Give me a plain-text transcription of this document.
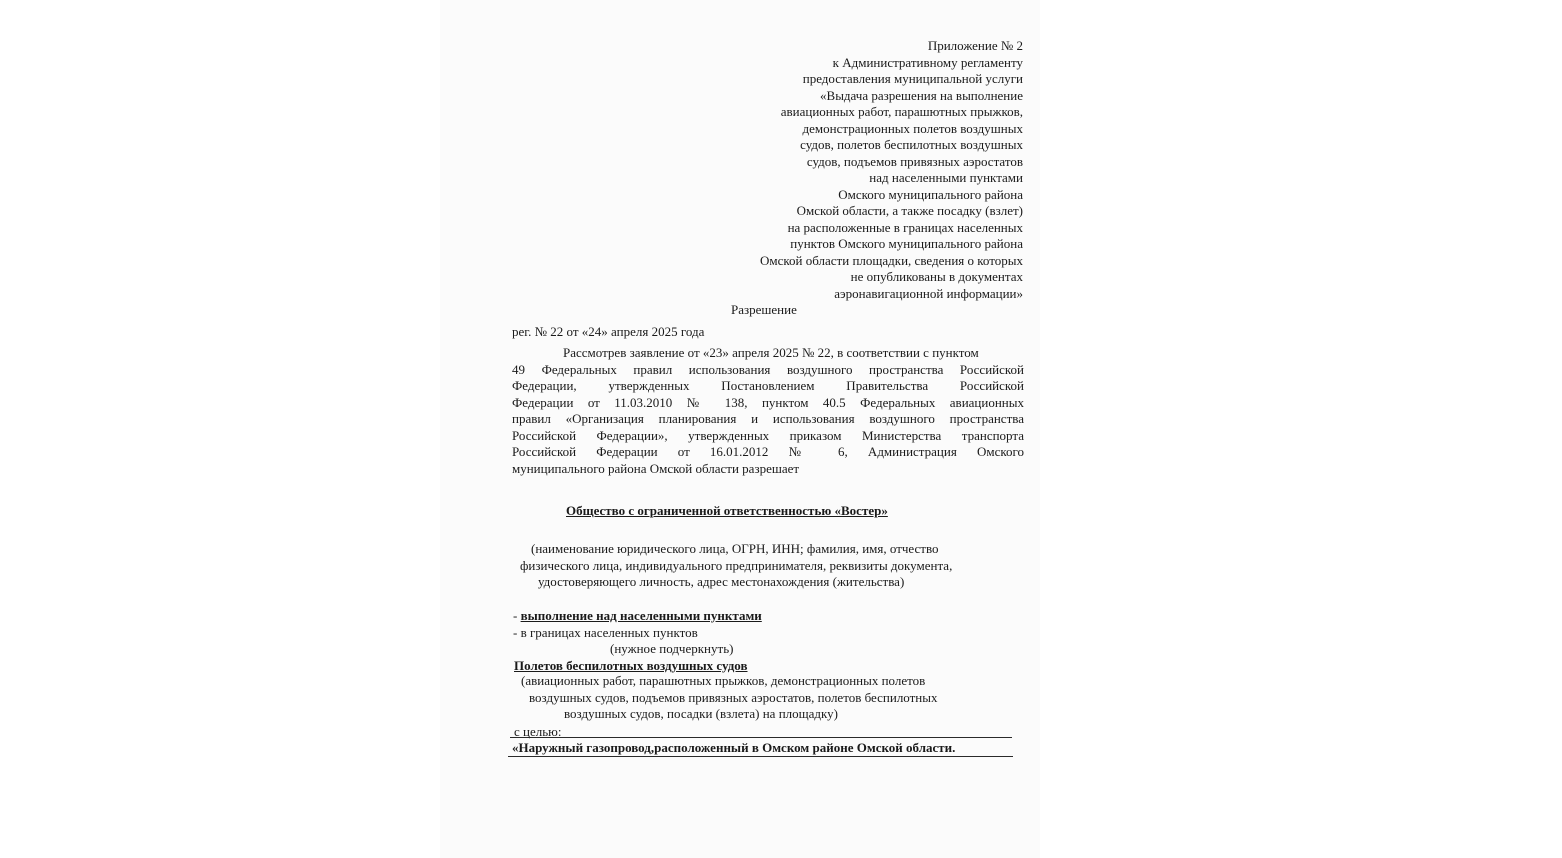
Приложение № 2
к Административному регламенту
предоставления муниципальной услуги
«Выдача разрешения на выполнение
авиационных работ, парашютных прыжков,
демонстрационных полетов воздушных
судов, полетов беспилотных воздушных
судов, подъемов привязных аэростатов
над населенными пунктами
Омского муниципального района
Омской области, а также посадку (взлет)
на расположенные в границах населенных
пунктов Омского муниципального района
Омской области площадки, сведения о которых
не опубликованы в документах
аэронавигационной информации»
Разрешение
рег. № 22 от «24» апреля 2025 года
Рассмотрев заявление от «23» апреля 2025 № 22, в соответствии с пунктом
49 Федеральных правил использования воздушного пространства Российской
Федерации, утвержденных Постановлением Правительства Российской
Федерации от 11.03.2010 № 138, пунктом 40.5 Федеральных авиационных
правил «Организация планирования и использования воздушного пространства
Российской Федерации», утвержденных приказом Министерства транспорта
Российской Федерации от 16.01.2012 № 6, Администрация Омского
муниципального района Омской области разрешает
Общество с ограниченной ответственностью «Востер»
(наименование юридического лица, ОГРН, ИНН; фамилия, имя, отчество
физического лица, индивидуального предпринимателя, реквизиты документа,
удостоверяющего личность, адрес местонахождения (жительства)
- выполнение над населенными пунктами
- в границах населенных пунктов
(нужное подчеркнуть)
Полетов беспилотных воздушных судов
(авиационных работ, парашютных прыжков, демонстрационных полетов
воздушных судов, подъемов привязных аэростатов, полетов беспилотных
воздушных судов, посадки (взлета) на площадку)
с целью:
«Наружный газопровод,расположенный в Омском районе Омской области.
